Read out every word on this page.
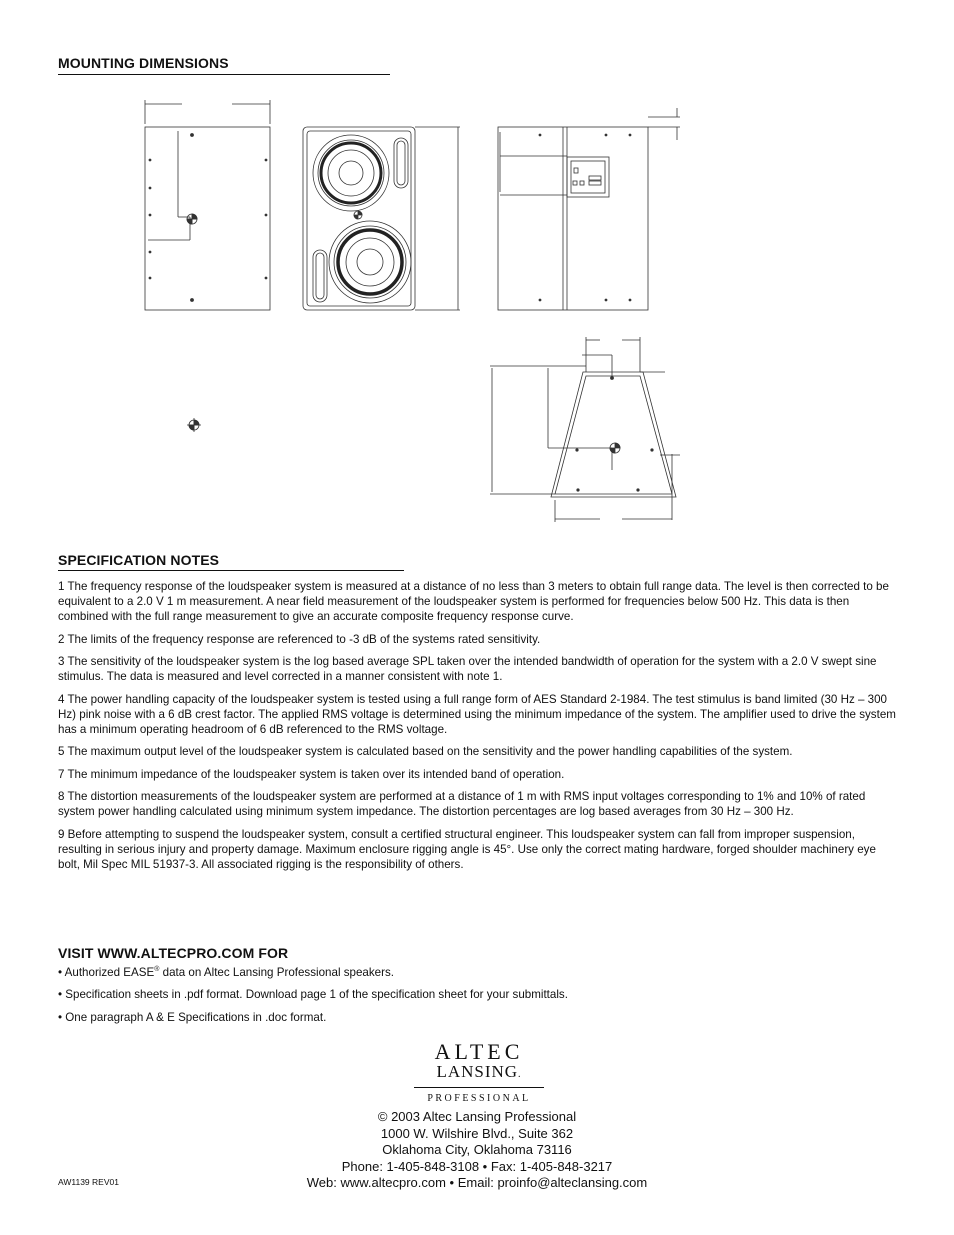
MOUNTING DIMENSIONS
SPECIFICATION NOTES

1 The frequency response of the loudspeaker system is measured at a distance of no less than 3 meters to obtain full range data. The level is then corrected to be equivalent to a 2.0 V 1 m measurement. A near field measurement of the loudspeaker system is performed for frequencies below 500 Hz. This data is then combined with the full range measurement to give an accurate composite frequency response curve.

2 The limits of the frequency response are referenced to -3 dB of the systems rated sensitivity.

3 The sensitivity of the loudspeaker system is the log based average SPL taken over the intended bandwidth of operation for the system with a 2.0 V swept sine stimulus. The data is measured and level corrected in a manner consistent with note 1.

4 The power handling capacity of the loudspeaker system is tested using a full range form of AES Standard 2-1984. The test stimulus is band limited (30 Hz – 300 Hz) pink noise with a 6 dB crest factor. The applied RMS voltage is determined using the minimum impedance of the system. The amplifier used to drive the system has a minimum operating headroom of 6 dB referenced to the RMS voltage.

5 The maximum output level of the loudspeaker system is calculated based on the sensitivity and the power handling capabilities of the system.

7 The minimum impedance of the loudspeaker system is taken over its intended band of operation.

8 The distortion measurements of the loudspeaker system are performed at a distance of 1 m with RMS input voltages corresponding to 1% and 10% of rated system power handling calculated using minimum system impedance. The distortion percentages are log based averages from 30 Hz – 300 Hz.

9 Before attempting to suspend the loudspeaker system, consult a certified structural engineer. This loudspeaker system can fall from improper suspension, resulting in serious injury and property damage. Maximum enclosure rigging angle is 45°. Use only the correct mating hardware, forged shoulder machinery eye bolt, Mil Spec MIL 51937-3. All associated rigging is the responsibility of others.

VISIT WWW.ALTECPRO.COM FOR
• Authorized EASE® data on Altec Lansing Professional speakers.
• Specification sheets in .pdf format. Download page 1 of the specification sheet for your submittals.
• One paragraph A & E Specifications in .doc format.
ALTEC
LANSING.
PROFESSIONAL
© 2003 Altec Lansing Professional
1000 W. Wilshire Blvd., Suite 362
Oklahoma City, Oklahoma 73116
Phone: 1-405-848-3108 • Fax: 1-405-848-3217
Web: www.altecpro.com • Email: proinfo@alteclansing.com
AW1139 REV01
